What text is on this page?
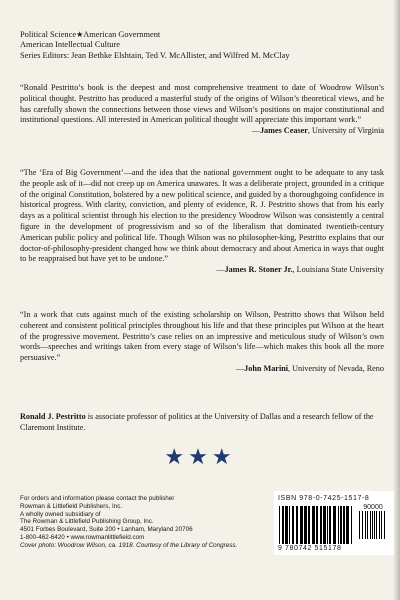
Political Science★American Government
American Intellectual Culture
Series Editors: Jean Bethke Elshtain, Ted V. McAllister, and Wilfred M. McClay

“Ronald Pestritto’s book is the deepest and most comprehensive treatment to date of Woodrow Wilson’s political thought. Pestritto has produced a masterful study of the origins of Wilson’s theoretical views, and he has carefully shown the connections between those views and Wilson’s positions on major constitutional and institutional questions. All interested in American political thought will appreciate this important work.”
—James Ceaser, University of Virginia

“The ‘Era of Big Government’—and the idea that the national government ought to be adequate to any task the people ask of it—did not creep up on America unawares. It was a deliberate project, grounded in a critique of the original Constitution, bolstered by a new political science, and guided by a thoroughgoing confidence in historical progress. With clarity, conviction, and plenty of evidence, R. J. Pestritto shows that from his early days as a political scientist through his election to the presidency Woodrow Wilson was consistently a central figure in the development of progressivism and so of the liberalism that dominated twentieth-century American public policy and political life. Though Wilson was no philosopher-king, Pestritto explains that our doctor-of-philosophy-president changed how we think about democracy and about America in ways that ought to be reappraised but have yet to be undone.”
—James R. Stoner Jr., Louisiana State University

“In a work that cuts against much of the existing scholarship on Wilson, Pestritto shows that Wilson held coherent and consistent political principles throughout his life and that these principles put Wilson at the heart of the progressive movement. Pestritto’s case relies on an impressive and meticulous study of Wilson’s own words—speeches and writings taken from every stage of Wilson’s life—which makes this book all the more persuasive.”
—John Marini, University of Nevada, Reno

Ronald J. Pestritto is associate professor of politics at the University of Dallas and a research fellow of the Claremont Institute.

★★★
For orders and information please contact the publisher
Rowman & Littlefield Publishers, Inc.
A wholly owned subsidiary of
The Rowman & Littlefield Publishing Group, Inc.
4501 Forbes Boulevard, Suite 200 • Lanham, Maryland 20706
1-800-462-6420 • www.rowmanlittlefield.com
Cover photo: Woodrow Wilson, ca. 1918. Courtesy of the Library of Congress.
ISBN 978-0-7425-1517-8
90000
9 780742 515178
